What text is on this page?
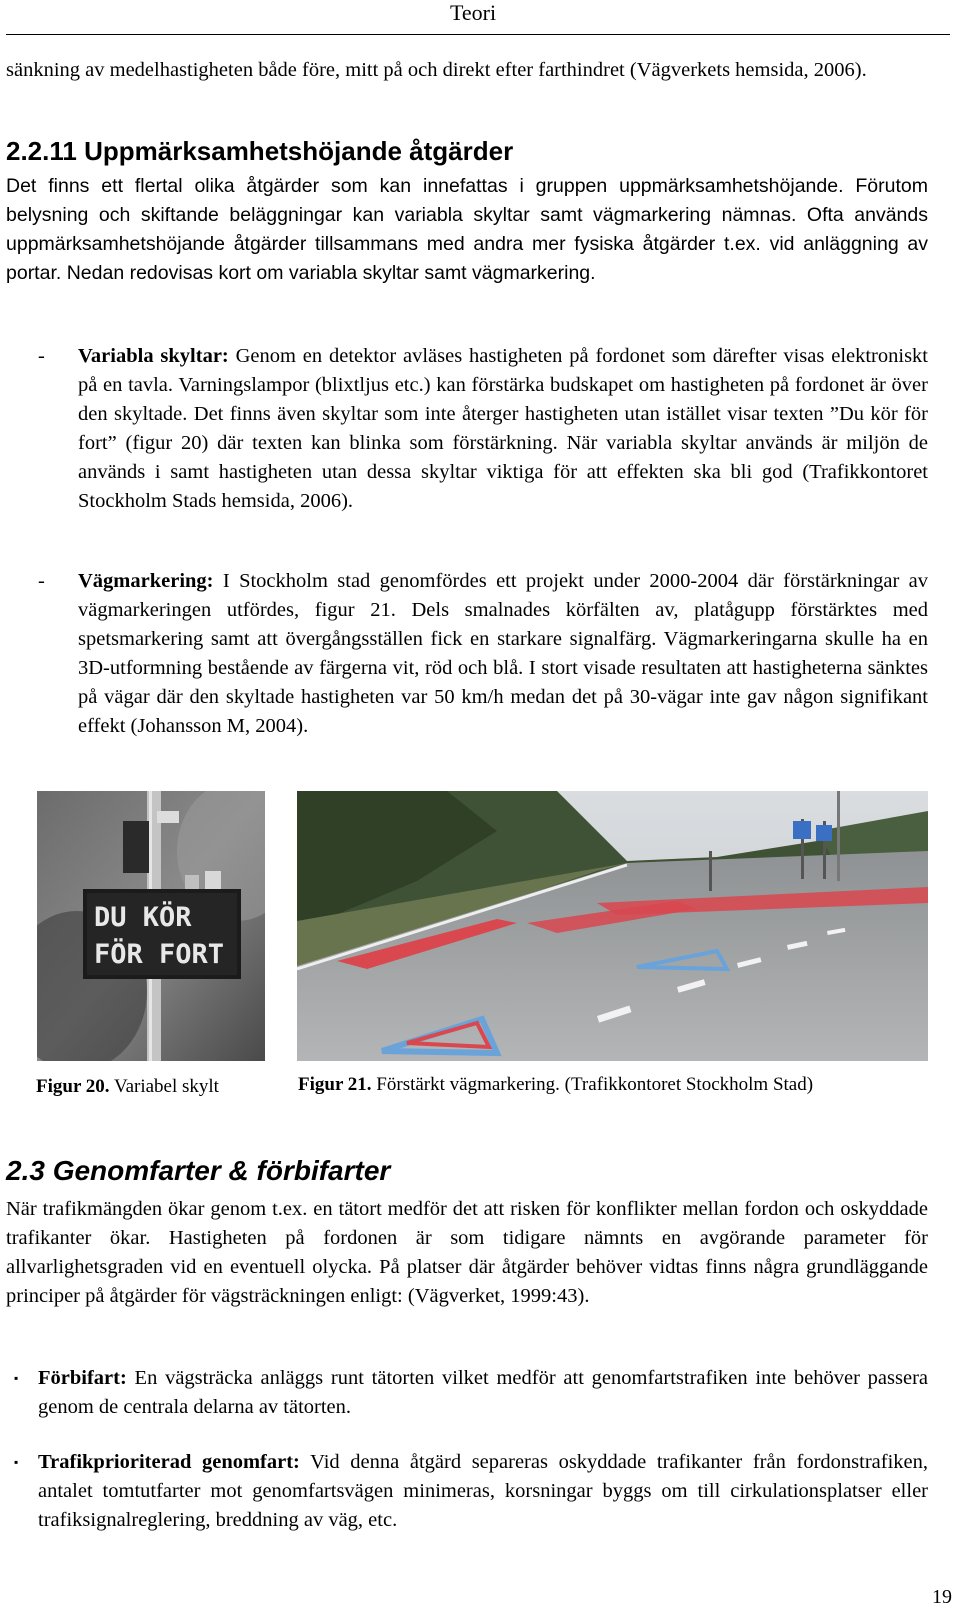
Teori

sänkning av medelhastigheten både före, mitt på och direkt efter farthindret (Vägverkets hemsida, 2006).

2.2.11 Uppmärksamhetshöjande åtgärder

Det finns ett flertal olika åtgärder som kan innefattas i gruppen uppmärksamhetshöjande. Förutom belysning och skiftande beläggningar kan variabla skyltar samt vägmarkering nämnas. Ofta används uppmärksamhetshöjande åtgärder tillsammans med andra mer fysiska åtgärder t.ex. vid anläggning av portar. Nedan redovisas kort om variabla skyltar samt vägmarkering.

- Variabla skyltar: Genom en detektor avläses hastigheten på fordonet som därefter visas elektroniskt på en tavla. Varningslampor (blixtljus etc.) kan förstärka budskapet om hastigheten på fordonet är över den skyltade. Det finns även skyltar som inte återger hastigheten utan istället visar texten ”Du kör för fort” (figur 20) där texten kan blinka som förstärkning. När variabla skyltar används är miljön de används i samt hastigheten utan dessa skyltar viktiga för att effekten ska bli god (Trafikkontoret Stockholm Stads hemsida, 2006).

- Vägmarkering: I Stockholm stad genomfördes ett projekt under 2000-2004 där förstärkningar av vägmarkeringen utfördes, figur 21. Dels smalnades körfälten av, platågupp förstärktes med spetsmarkering samt att övergångsställen fick en starkare signalfärg. Vägmarkeringarna skulle ha en 3D-utformning bestående av färgerna vit, röd och blå. I stort visade resultaten att hastigheterna sänktes på vägar där den skyltade hastigheten var 50 km/h medan det på 30-vägar inte gav någon signifikant effekt (Johansson M, 2004).

DU KÖR
FÖR FORT
Figur 20. Variabel skylt	Figur 21. Förstärkt vägmarkering. (Trafikkontoret Stockholm Stad)
2.3 Genomfarter & förbifarter

När trafikmängden ökar genom t.ex. en tätort medför det att risken för konflikter mellan fordon och oskyddade trafikanter ökar. Hastigheten på fordonen är som tidigare nämnts en avgörande parameter för allvarlighetsgraden vid en eventuell olycka. På platser där åtgärder behöver vidtas finns några grundläggande principer på åtgärder för vägsträckningen enligt: (Vägverket, 1999:43).

▪ Förbifart: En vägsträcka anläggs runt tätorten vilket medför att genomfartstrafiken inte behöver passera genom de centrala delarna av tätorten.

▪ Trafikprioriterad genomfart: Vid denna åtgärd separeras oskyddade trafikanter från fordonstrafiken, antalet tomtutfarter mot genomfartsvägen minimeras, korsningar byggs om till cirkulationsplatser eller trafiksignalreglering, breddning av väg, etc.

19
